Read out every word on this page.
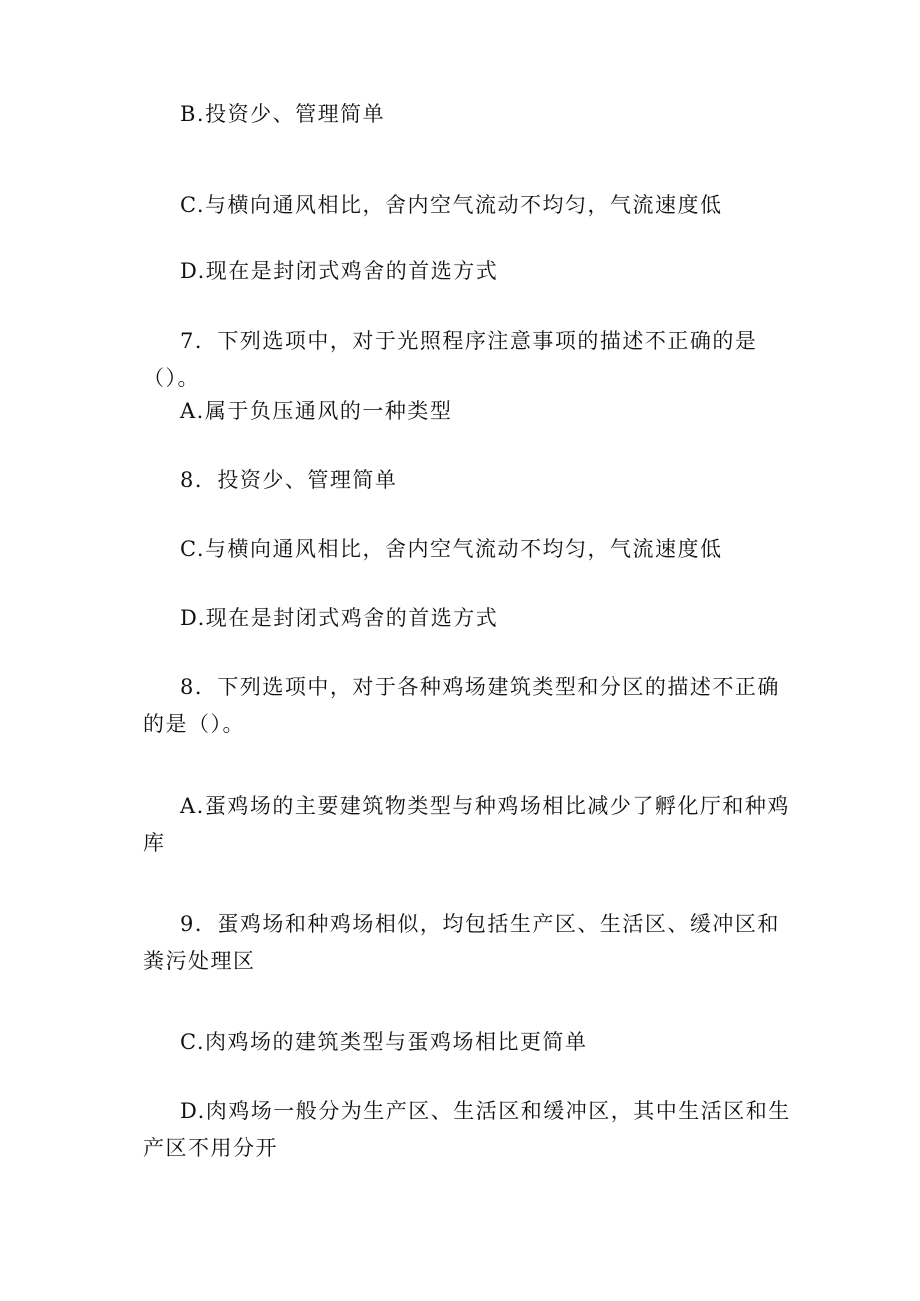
B.投资少、管理简单

C.与横向通风相比，舍内空气流动不均匀，气流速度低

D.现在是封闭式鸡舍的首选方式

7．下列选项中，对于光照程序注意事项的描述不正确的是（）。

A.属于负压通风的一种类型

8．投资少、管理简单

C.与横向通风相比，舍内空气流动不均匀，气流速度低

D.现在是封闭式鸡舍的首选方式

8．下列选项中，对于各种鸡场建筑类型和分区的描述不正确的是（）。

A.蛋鸡场的主要建筑物类型与种鸡场相比减少了孵化厅和种鸡库

9．蛋鸡场和种鸡场相似，均包括生产区、生活区、缓冲区和粪污处理区

C.肉鸡场的建筑类型与蛋鸡场相比更简单

D.肉鸡场一般分为生产区、生活区和缓冲区，其中生活区和生产区不用分开
